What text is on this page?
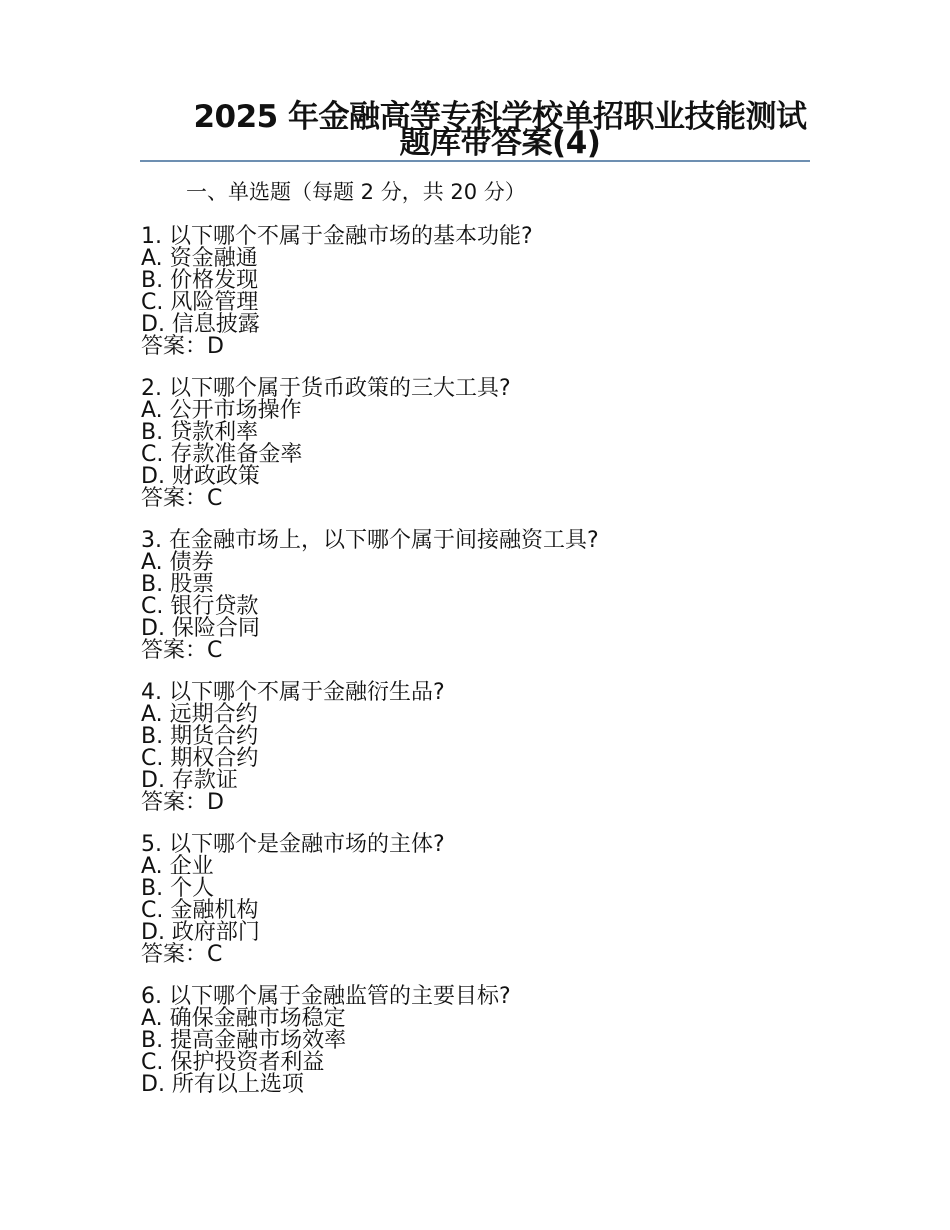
2025 年金融高等专科学校单招职业技能测试题库带答案(4)
一、单选题（每题 2 分，共 20 分）
1. 以下哪个不属于金融市场的基本功能?
A. 资金融通
B. 价格发现
C. 风险管理
D. 信息披露
答案：D
2. 以下哪个属于货币政策的三大工具?
A. 公开市场操作
B. 贷款利率
C. 存款准备金率
D. 财政政策
答案：C
3. 在金融市场上，以下哪个属于间接融资工具?
A. 债券
B. 股票
C. 银行贷款
D. 保险合同
答案：C
4. 以下哪个不属于金融衍生品?
A. 远期合约
B. 期货合约
C. 期权合约
D. 存款证
答案：D
5. 以下哪个是金融市场的主体?
A. 企业
B. 个人
C. 金融机构
D. 政府部门
答案：C
6. 以下哪个属于金融监管的主要目标?
A. 确保金融市场稳定
B. 提高金融市场效率
C. 保护投资者利益
D. 所有以上选项
